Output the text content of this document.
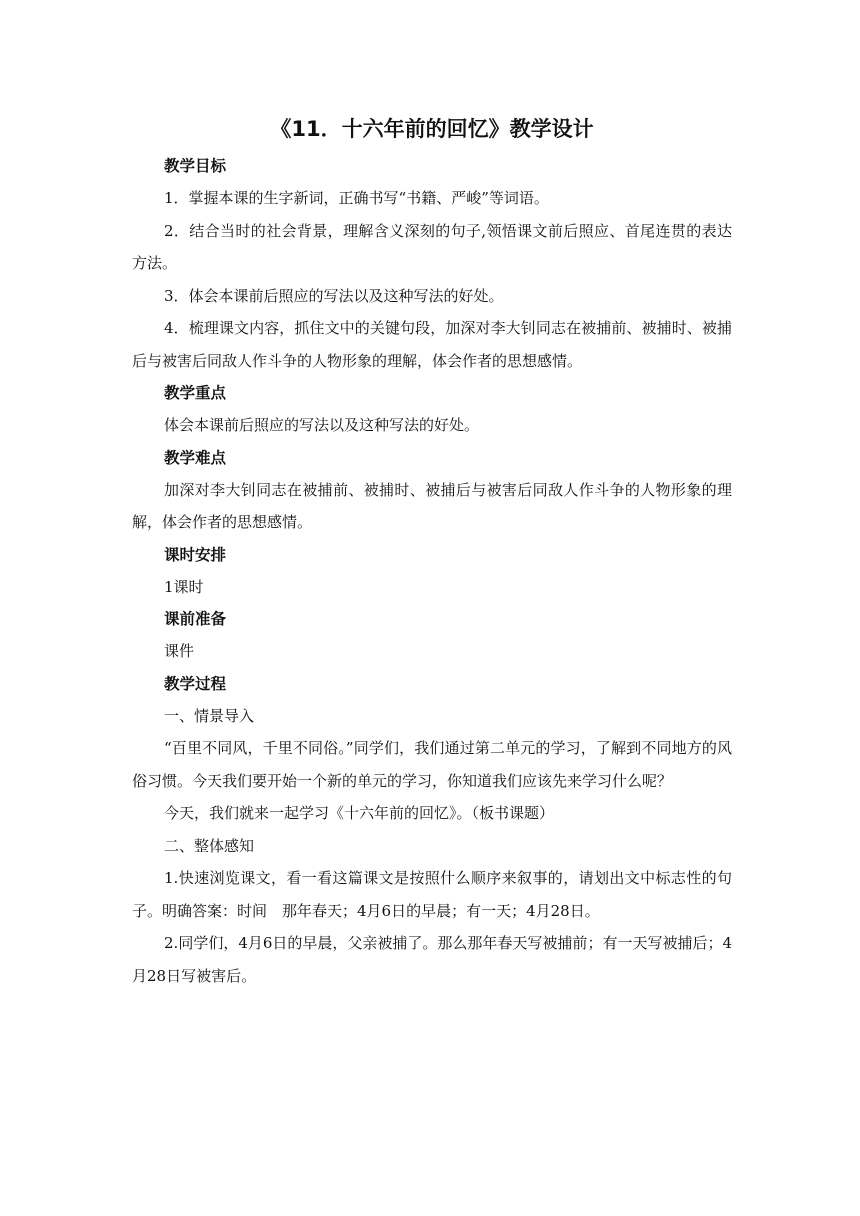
《11．十六年前的回忆》教学设计
教学目标
1．掌握本课的生字新词，正确书写“书籍、严峻”等词语。
2．结合当时的社会背景，理解含义深刻的句子,领悟课文前后照应、首尾连贯的表达方法。
3．体会本课前后照应的写法以及这种写法的好处。
4．梳理课文内容，抓住文中的关键句段，加深对李大钊同志在被捕前、被捕时、被捕后与被害后同敌人作斗争的人物形象的理解，体会作者的思想感情。
教学重点
体会本课前后照应的写法以及这种写法的好处。
教学难点
加深对李大钊同志在被捕前、被捕时、被捕后与被害后同敌人作斗争的人物形象的理解，体会作者的思想感情。
课时安排
1课时
课前准备
课件
教学过程
一、情景导入
“百里不同风，千里不同俗。”同学们，我们通过第二单元的学习，了解到不同地方的风俗习惯。今天我们要开始一个新的单元的学习，你知道我们应该先来学习什么呢？
今天，我们就来一起学习《十六年前的回忆》。（板书课题）
二、整体感知
1.快速浏览课文，看一看这篇课文是按照什么顺序来叙事的，请划出文中标志性的句子。明确答案：时间　那年春天；4月6日的早晨；有一天；4月28日。
2.同学们，4月6日的早晨，父亲被捕了。那么那年春天写被捕前；有一天写被捕后；4月28日写被害后。
